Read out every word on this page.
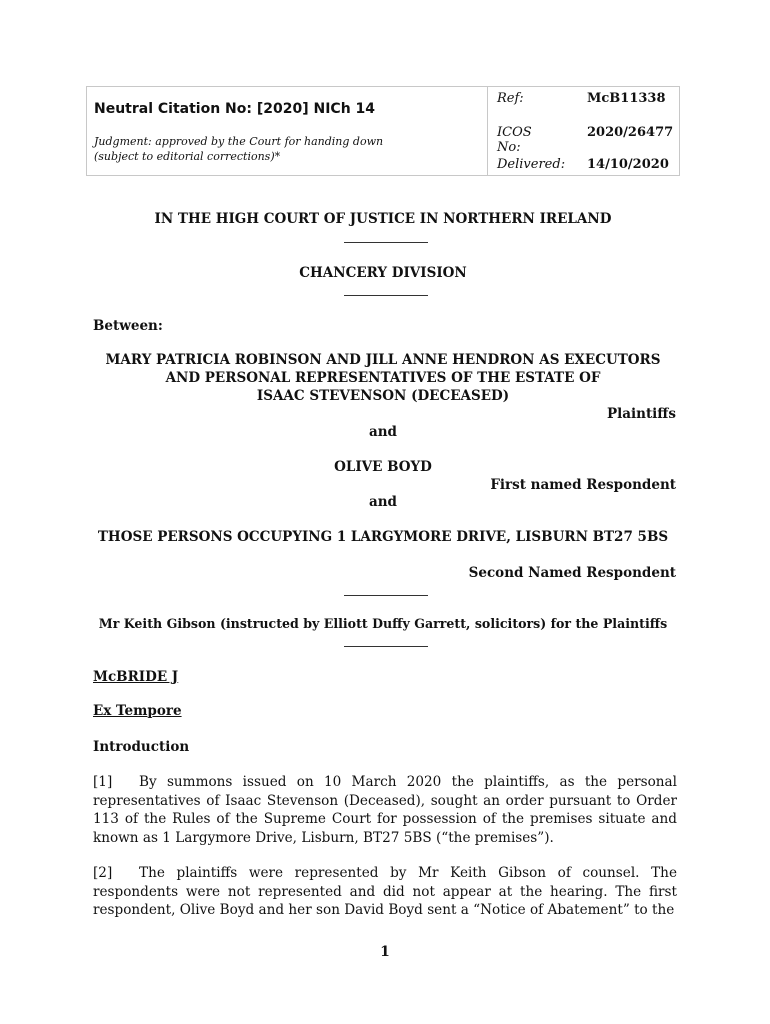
Neutral Citation No: [2020] NICh 14
Judgment: approved by the Court for handing down
(subject to editorial corrections)*
Ref:	McB11338
ICOS No:
2020/26477
Delivered: 14/10/2020
IN THE HIGH COURT OF JUSTICE IN NORTHERN IRELAND
CHANCERY DIVISION
Between:
MARY PATRICIA ROBINSON AND JILL ANNE HENDRON AS EXECUTORS
AND PERSONAL REPRESENTATIVES OF THE ESTATE OF
ISAAC STEVENSON (DECEASED)
Plaintiffs
and
OLIVE BOYD
First named Respondent
and
THOSE PERSONS OCCUPYING 1 LARGYMORE DRIVE, LISBURN BT27 5BS
Second Named Respondent
Mr Keith Gibson (instructed by Elliott Duffy Garrett, solicitors) for the Plaintiffs
McBRIDE J
Ex Tempore
Introduction
[1] By summons issued on 10 March 2020 the plaintiffs, as the personal representatives of Isaac Stevenson (Deceased), sought an order pursuant to Order 113 of the Rules of the Supreme Court for possession of the premises situate and known as 1 Largymore Drive, Lisburn, BT27 5BS (“the premises”).
[2] The plaintiffs were represented by Mr Keith Gibson of counsel. The respondents were not represented and did not appear at the hearing. The first respondent, Olive Boyd and her son David Boyd sent a “Notice of Abatement” to the
1
